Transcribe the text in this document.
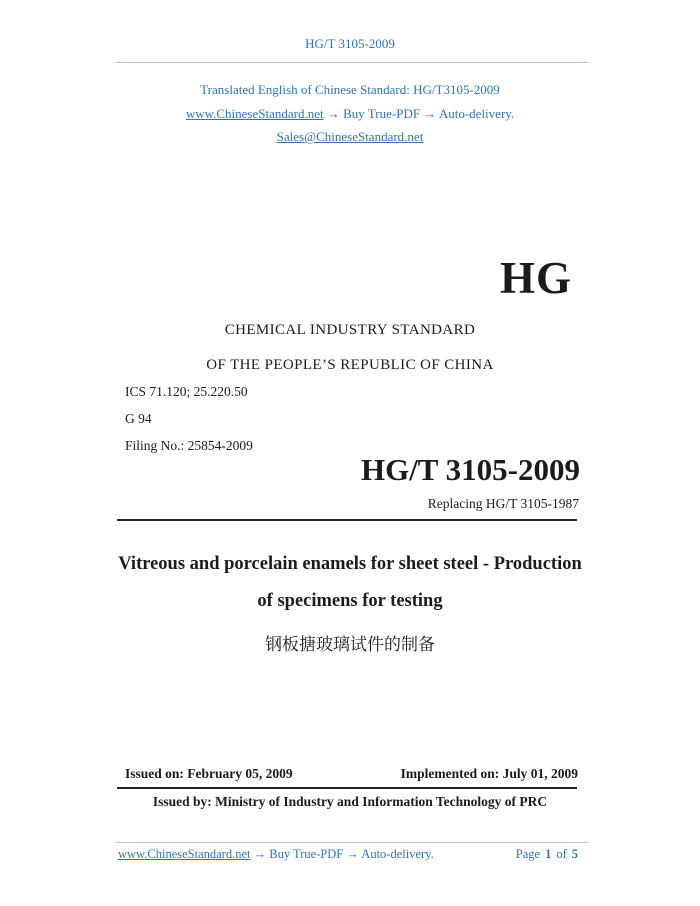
HG/T 3105-2009
Translated English of Chinese Standard: HG/T3105-2009
www.ChineseStandard.net → Buy True-PDF → Auto-delivery.
Sales@ChineseStandard.net
HG
CHEMICAL INDUSTRY STANDARD
OF THE PEOPLE’S REPUBLIC OF CHINA
ICS 71.120; 25.220.50
G 94
Filing No.: 25854-2009
HG/T 3105-2009
Replacing HG/T 3105-1987
Vitreous and porcelain enamels for sheet steel - Production
of specimens for testing
钢板搪玻璃试件的制备
Issued on: February 05, 2009	Implemented on: July 01, 2009
Issued by: Ministry of Industry and Information Technology of PRC
www.ChineseStandard.net → Buy True-PDF → Auto-delivery.	Page 1 of 5
